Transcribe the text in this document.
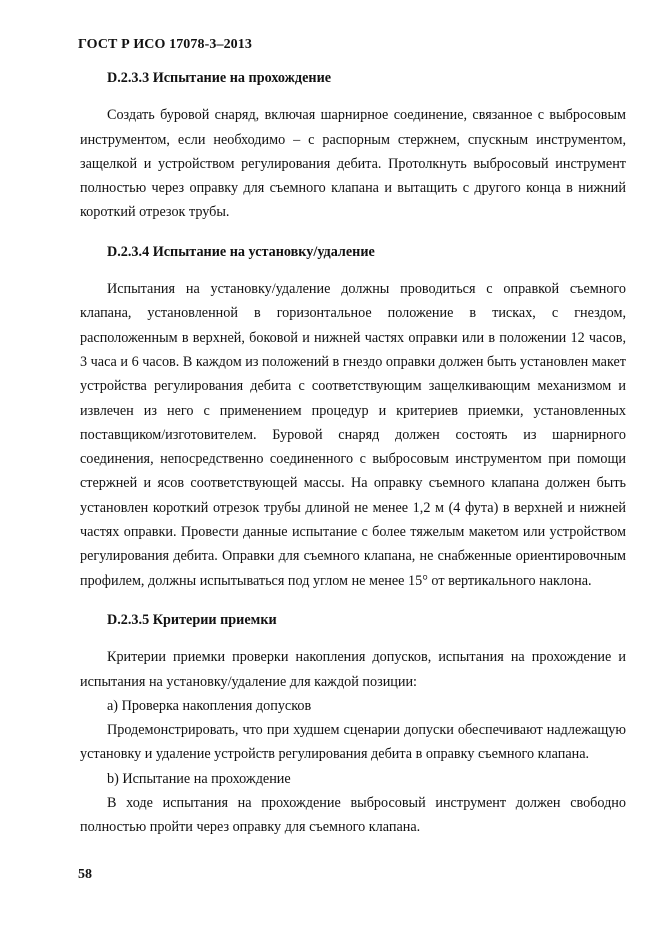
ГОСТ Р ИСО 17078-3–2013

D.2.3.3 Испытание на прохождение

Создать буровой снаряд, включая шарнирное соединение, связанное с выбросовым инструментом, если необходимо – с распорным стержнем, спускным инструментом, защелкой и устройством регулирования дебита. Протолкнуть выбросовый инструмент полностью через оправку для съемного клапана и вытащить с другого конца в нижний короткий отрезок трубы.

D.2.3.4 Испытание на установку/удаление

Испытания на установку/удаление должны проводиться с оправкой съемного клапана, установленной в горизонтальное положение в тисках, с гнездом, расположенным в верхней, боковой и нижней частях оправки или в положении 12 часов, 3 часа и 6 часов. В каждом из положений в гнездо оправки должен быть установлен макет устройства регулирования дебита с соответствующим защелкивающим механизмом и извлечен из него с применением процедур и критериев приемки, установленных поставщиком/изготовителем. Буровой снаряд должен состоять из шарнирного соединения, непосредственно соединенного с выбросовым инструментом при помощи стержней и ясов соответствующей массы. На оправку съемного клапана должен быть установлен короткий отрезок трубы длиной не менее 1,2 м (4 фута) в верхней и нижней частях оправки. Провести данные испытание с более тяжелым макетом или устройством регулирования дебита. Оправки для съемного клапана, не снабженные ориентировочным профилем, должны испытываться под углом не менее 15° от вертикального наклона.

D.2.3.5 Критерии приемки

Критерии приемки проверки накопления допусков, испытания на прохождение и испытания на установку/удаление для каждой позиции:

а) Проверка накопления допусков

Продемонстрировать, что при худшем сценарии допуски обеспечивают надлежащую установку и удаление устройств регулирования дебита в оправку съемного клапана.

b) Испытание на прохождение

В ходе испытания на прохождение выбросовый инструмент должен свободно полностью пройти через оправку для съемного клапана.

58
